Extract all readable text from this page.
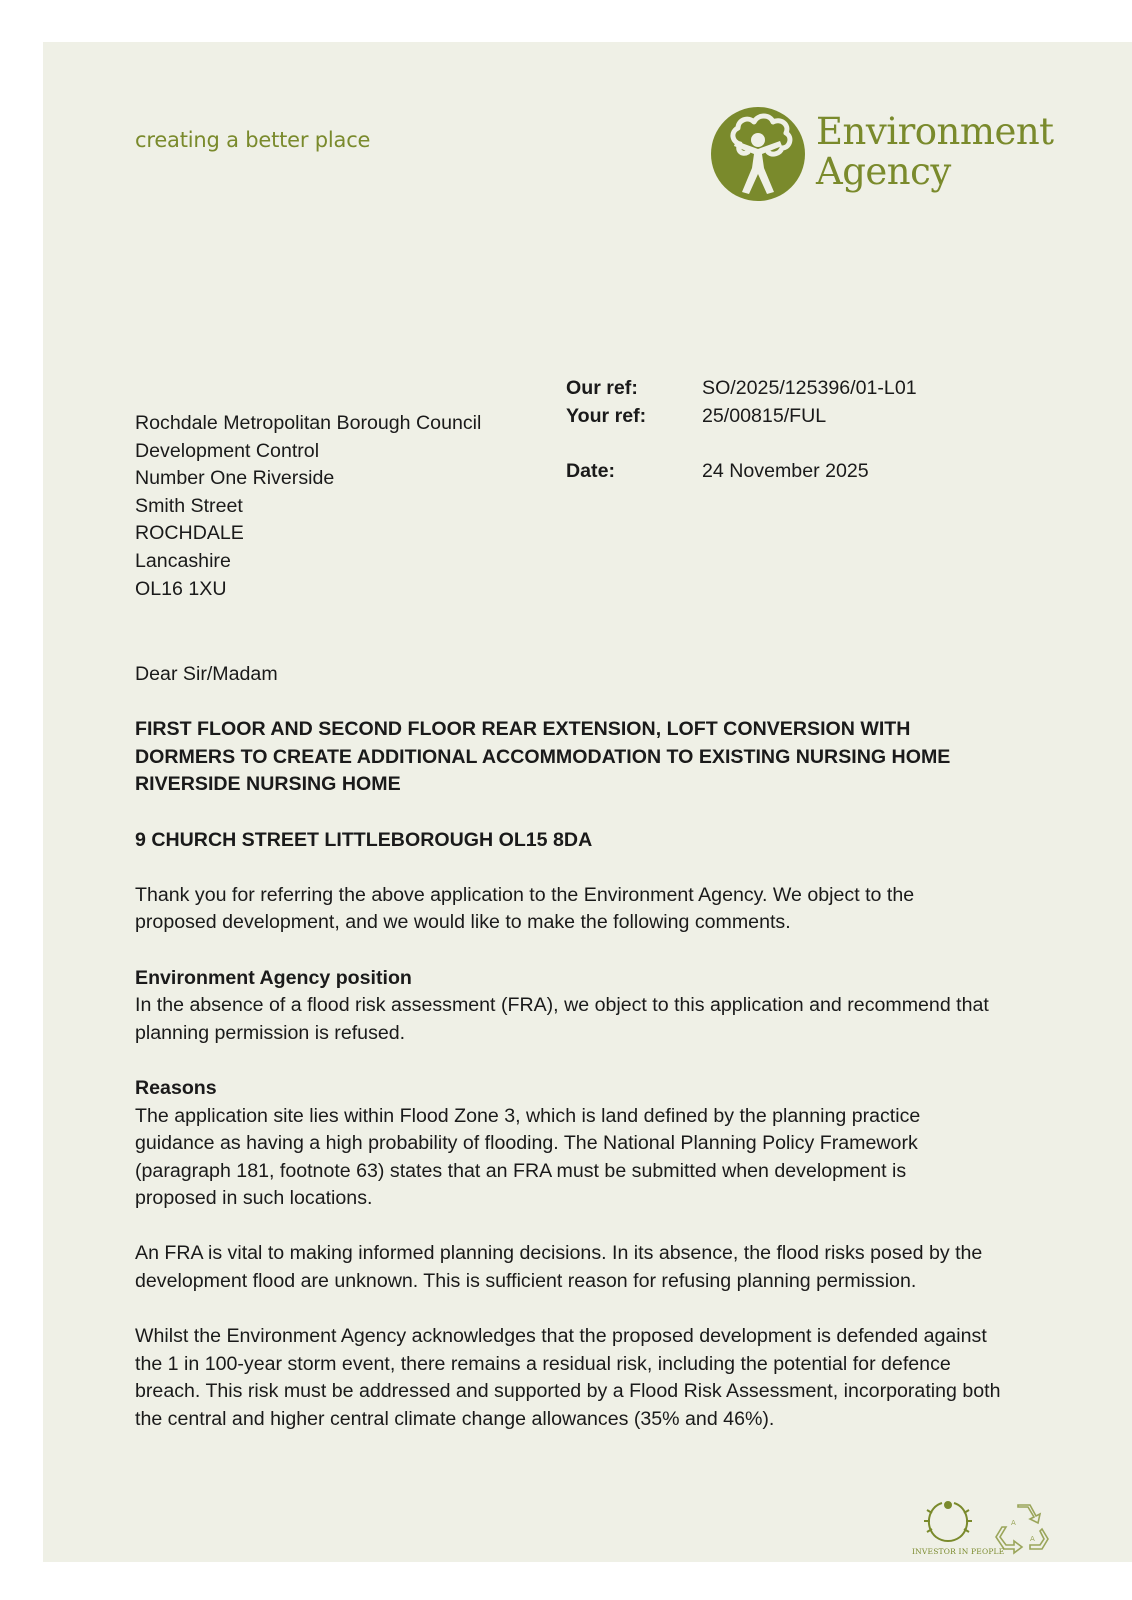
creating a better place	Environment
Agency
Our ref:	SO/2025/125396/01-L01
Your ref:	25/00815/FUL
Date:	24 November 2025
Rochdale Metropolitan Borough Council
Development Control
Number One Riverside
Smith Street
ROCHDALE
Lancashire
OL16 1XU

Dear Sir/Madam

FIRST FLOOR AND SECOND FLOOR REAR EXTENSION, LOFT CONVERSION WITH

DORMERS TO CREATE ADDITIONAL ACCOMMODATION TO EXISTING NURSING HOME

RIVERSIDE NURSING HOME

9 CHURCH STREET LITTLEBOROUGH OL15 8DA

Thank you for referring the above application to the Environment Agency. We object to the proposed development, and we would like to make the following comments.

Environment Agency position

In the absence of a flood risk assessment (FRA), we object to this application and recommend that planning permission is refused.

Reasons

The application site lies within Flood Zone 3, which is land defined by the planning practice guidance as having a high probability of flooding. The National Planning Policy Framework (paragraph 181, footnote 63) states that an FRA must be submitted when development is proposed in such locations.

An FRA is vital to making informed planning decisions. In its absence, the flood risks posed by the development flood are unknown. This is sufficient reason for refusing planning permission.

Whilst the Environment Agency acknowledges that the proposed development is defended against the 1 in 100-year storm event, there remains a residual risk, including the potential for defence breach. This risk must be addressed and supported by a Flood Risk Assessment, incorporating both the central and higher central climate change allowances (35% and 46%).

A
A
INVESTOR IN PEOPLE
